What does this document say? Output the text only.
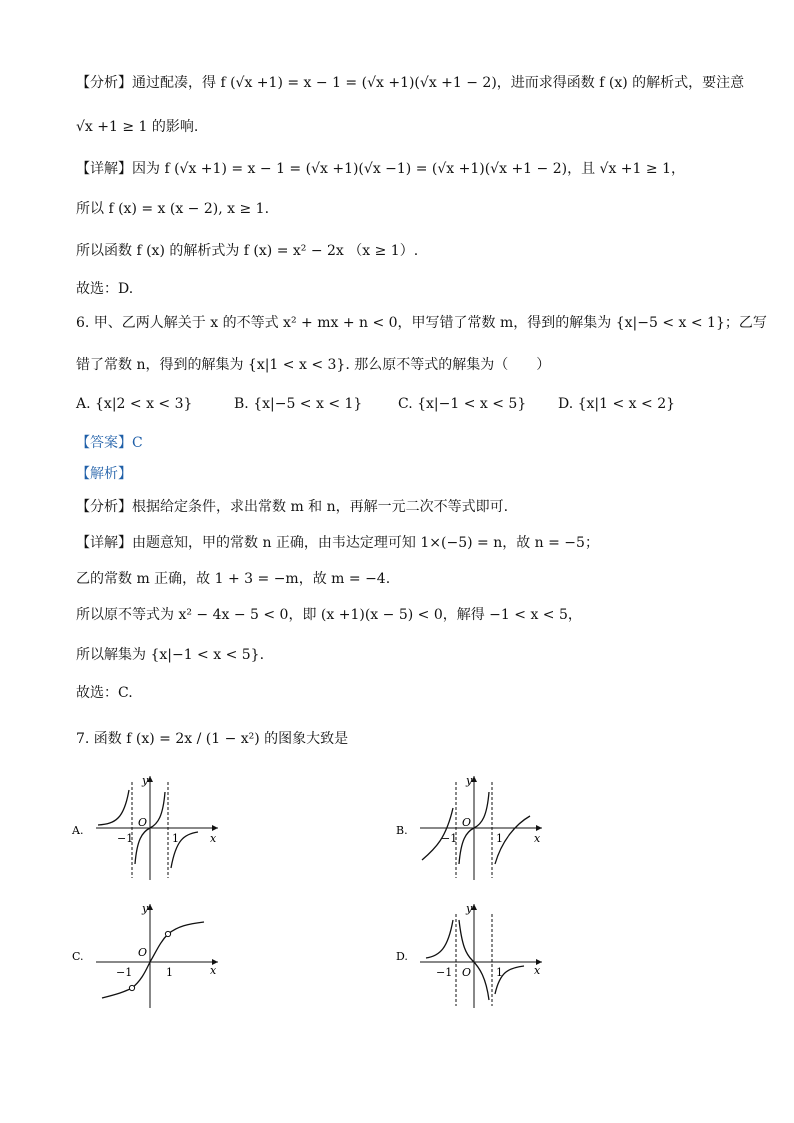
【分析】通过配凑，得 f (√x +1) = x − 1 = (√x +1)(√x +1 − 2)，进而求得函数 f (x) 的解析式，要注意
√x +1 ≥ 1 的影响.
【详解】因为 f (√x +1) = x − 1 = (√x +1)(√x −1) = (√x +1)(√x +1 − 2)，且 √x +1 ≥ 1，
所以 f (x) = x (x − 2), x ≥ 1.
所以函数 f (x) 的解析式为 f (x) = x² − 2x （x ≥ 1）.
故选：D.
6. 甲、乙两人解关于 x 的不等式 x² + mx + n < 0，甲写错了常数 m，得到的解集为 {x|−5 < x < 1}；乙写
错了常数 n，得到的解集为 {x|1 < x < 3}. 那么原不等式的解集为（　　）
A. {x|2 < x < 3}	B. {x|−5 < x < 1}	C. {x|−1 < x < 5} D. {x|1 < x < 2}
【答案】C
【解析】
【分析】根据给定条件，求出常数 m 和 n，再解一元二次不等式即可.
【详解】由题意知，甲的常数 n 正确，由韦达定理可知 1×(−5) = n，故 n = −5；
乙的常数 m 正确，故 1 + 3 = −m，故 m = −4.
所以原不等式为 x² − 4x − 5 < 0，即 (x +1)(x − 5) < 0，解得 −1 < x < 5，
所以解集为 {x|−1 < x < 5}.
故选：C.
7. 函数 f (x) = 2x / (1 − x²) 的图象大致是
A.
y
O
−1	1	x
B.
y
O
−1	1	x
C.
y
O
−1	1	x
D.
y
O
−1	1	x
